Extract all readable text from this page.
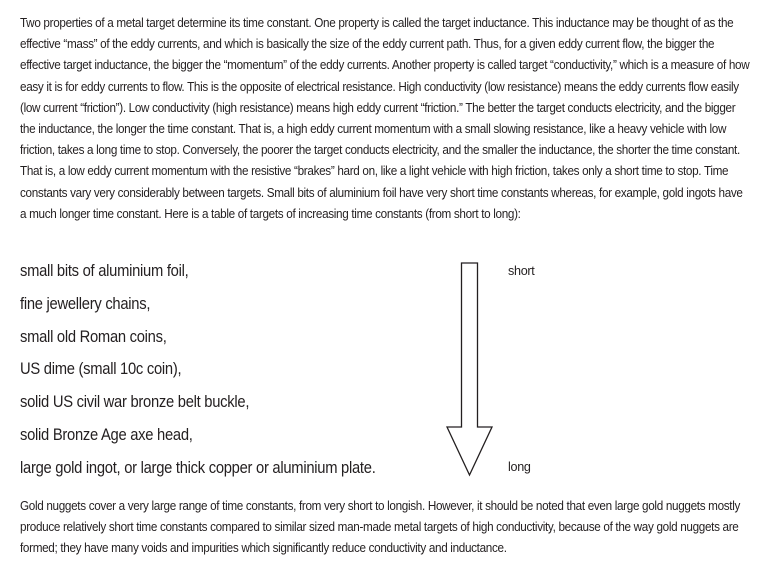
Two properties of a metal target determine its time constant. One property is called the target inductance. This inductance may be thought of as the effective “mass” of the eddy currents, and which is basically the size of the eddy current path. Thus, for a given eddy current flow, the bigger the effective target inductance, the bigger the “momentum” of the eddy currents. Another property is called target “conductivity,” which is a measure of how easy it is for eddy currents to flow. This is the opposite of electrical resistance. High conductivity (low resistance) means the eddy currents flow easily (low current “friction”). Low conductivity (high resistance) means high eddy current “friction.” The better the target conducts electricity, and the bigger the inductance, the longer the time constant. That is, a high eddy current momentum with a small slowing resistance, like a heavy vehicle with low friction, takes a long time to stop. Conversely, the poorer the target conducts electricity, and the smaller the inductance, the shorter the time constant. That is, a low eddy current momentum with the resistive “brakes” hard on, like a light vehicle with high friction, takes only a short time to stop. Time constants vary very considerably between targets. Small bits of aluminium foil have very short time constants whereas, for example, gold ingots have a much longer time constant. Here is a table of targets of increasing time constants (from short to long):

small bits of aluminium foil,
fine jewellery chains,
small old Roman coins,
US dime (small 10c coin),
solid US civil war bronze belt buckle,
solid Bronze Age axe head,
large gold ingot, or large thick copper or aluminium plate.
short
long

Gold nuggets cover a very large range of time constants, from very short to longish. However, it should be noted that even large gold nuggets mostly produce relatively short time constants compared to similar sized man-made metal targets of high conductivity, because of the way gold nuggets are formed; they have many voids and impurities which significantly reduce conductivity and inductance.
